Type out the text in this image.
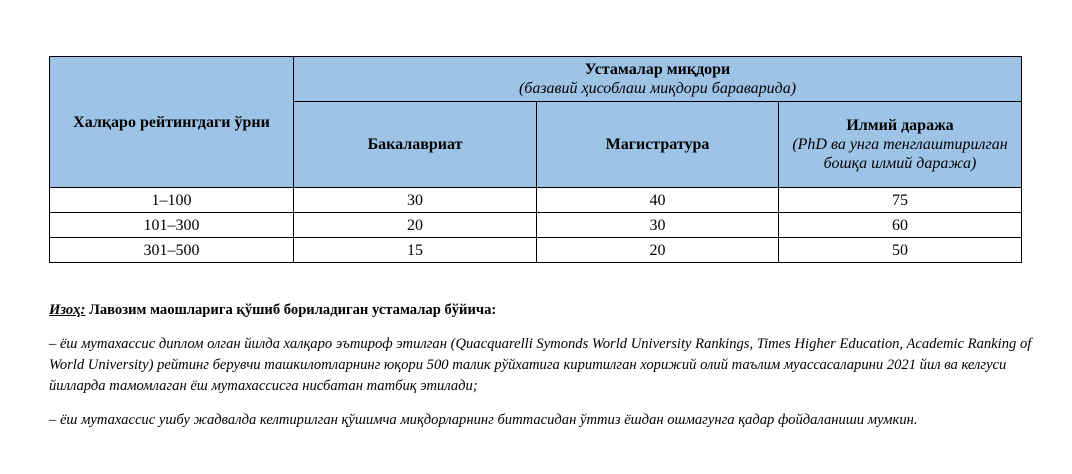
Халқаро рейтингдаги ўрни	Устамалар миқдори
(базавий ҳисоблаш миқдори бараварида)		

	Бакалавриат	Магистратура	Илмий даража
(PhD ва унга тенглаштирилган бошқа илмий даража)

1–100	30	40	75
101–300	20	30	60
301–500	15	20	50

Изоҳ: Лавозим маошларига қўшиб бориладиган устамалар бўйича:

– ёш мутахассис диплом олган йилда халқаро эътироф этилган (Quacquarelli Symonds World University Rankings, Times Higher Education, Academic Ranking of World University) рейтинг берувчи ташкилотларнинг юқори 500 талик рўйхатига киритилган хорижий олий таълим муассасаларини 2021 йил ва келгуси йилларда тамомлаган ёш мутахассисга нисбатан татбиқ этилади;

– ёш мутахассис ушбу жадвалда келтирилган қўшимча миқдорларнинг биттасидан ўттиз ёшдан ошмагунга қадар фойдаланиши мумкин.
